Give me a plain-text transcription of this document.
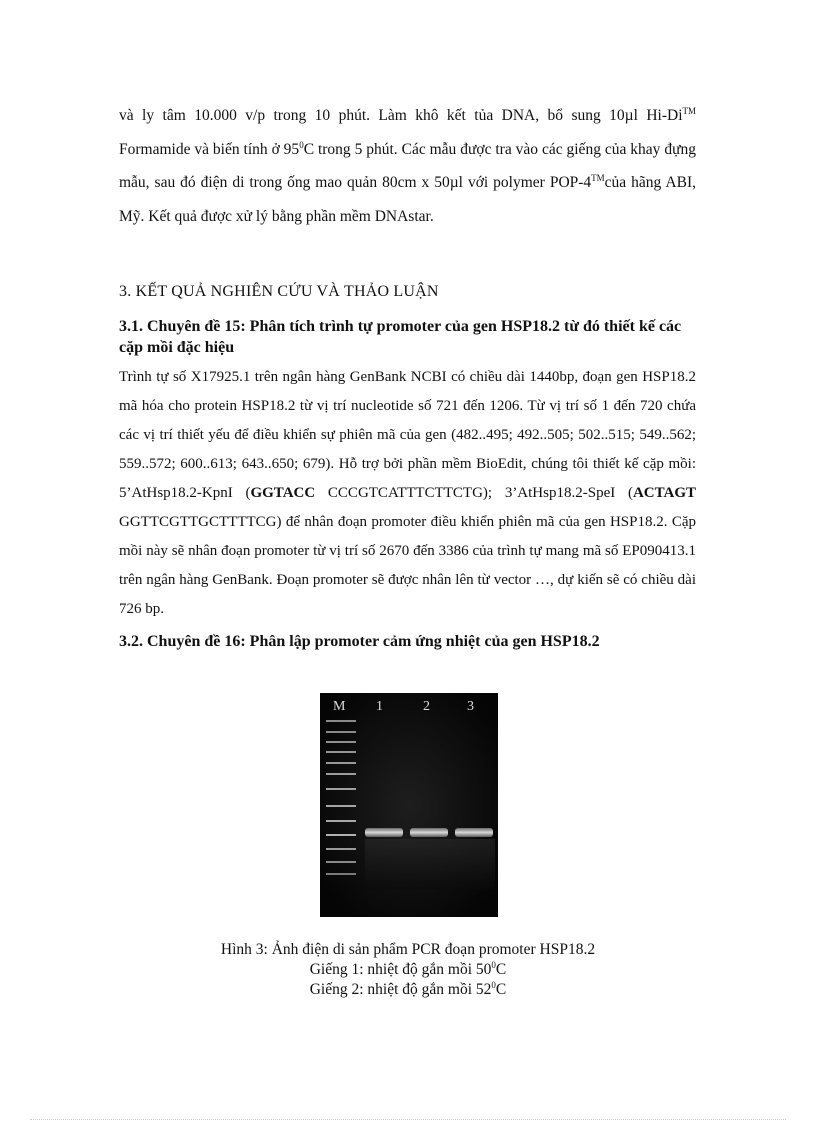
và ly tâm 10.000 v/p trong 10 phút. Làm khô kết tủa DNA, bổ sung 10µl Hi-Di™ Formamide và biến tính ở $95^0C$ trong 5 phút. Các mẫu được tra vào các giếng của khay đựng mẫu, sau đó điện di trong ống mao quản 80cm x 50µl với polymer POP-4™của hãng ABI, Mỹ. Kết quả được xử lý bằng phần mềm DNAstar.

3. KẾT QUẢ NGHIÊN CỨU VÀ THẢO LUẬN

3.1. Chuyên đề 15: Phân tích trình tự promoter của gen HSP18.2 từ đó thiết kế các cặp mồi đặc hiệu

Trình tự số X17925.1 trên ngân hàng GenBank NCBI có chiều dài 1440bp, đoạn gen HSP18.2 mã hóa cho protein HSP18.2 từ vị trí nucleotide số 721 đến 1206. Từ vị trí số 1 đến 720 chứa các vị trí thiết yếu để điều khiển sự phiên mã của gen (482..495; 492..505; 502..515; 549..562; 559..572; 600..613; 643..650; 679). Hỗ trợ bởi phần mềm BioEdit, chúng tôi thiết kế cặp mồi: 5’AtHsp18.2-KpnI (GGTACC CCCGTCATTTCTTCTG); 3’AtHsp18.2-SpeI (ACTAGT GGTTCGTTGCTTTTCG) để nhân đoạn promoter điều khiển phiên mã của gen HSP18.2. Cặp mồi này sẽ nhân đoạn promoter từ vị trí số 2670 đến 3386 của trình tự mang mã số EP090413.1 trên ngân hàng GenBank. Đoạn promoter sẽ được nhân lên từ vector …, dự kiến sẽ có chiều dài 726 bp.

3.2. Chuyên đề 16: Phân lập promoter cảm ứng nhiệt của gen HSP18.2

M 1	2	3
Hình 3: Ảnh điện di sản phẩm PCR đoạn promoter HSP18.2
Giếng 1: nhiệt độ gắn mồi $50^0C$
Giếng 2: nhiệt độ gắn mồi $52^0C$
